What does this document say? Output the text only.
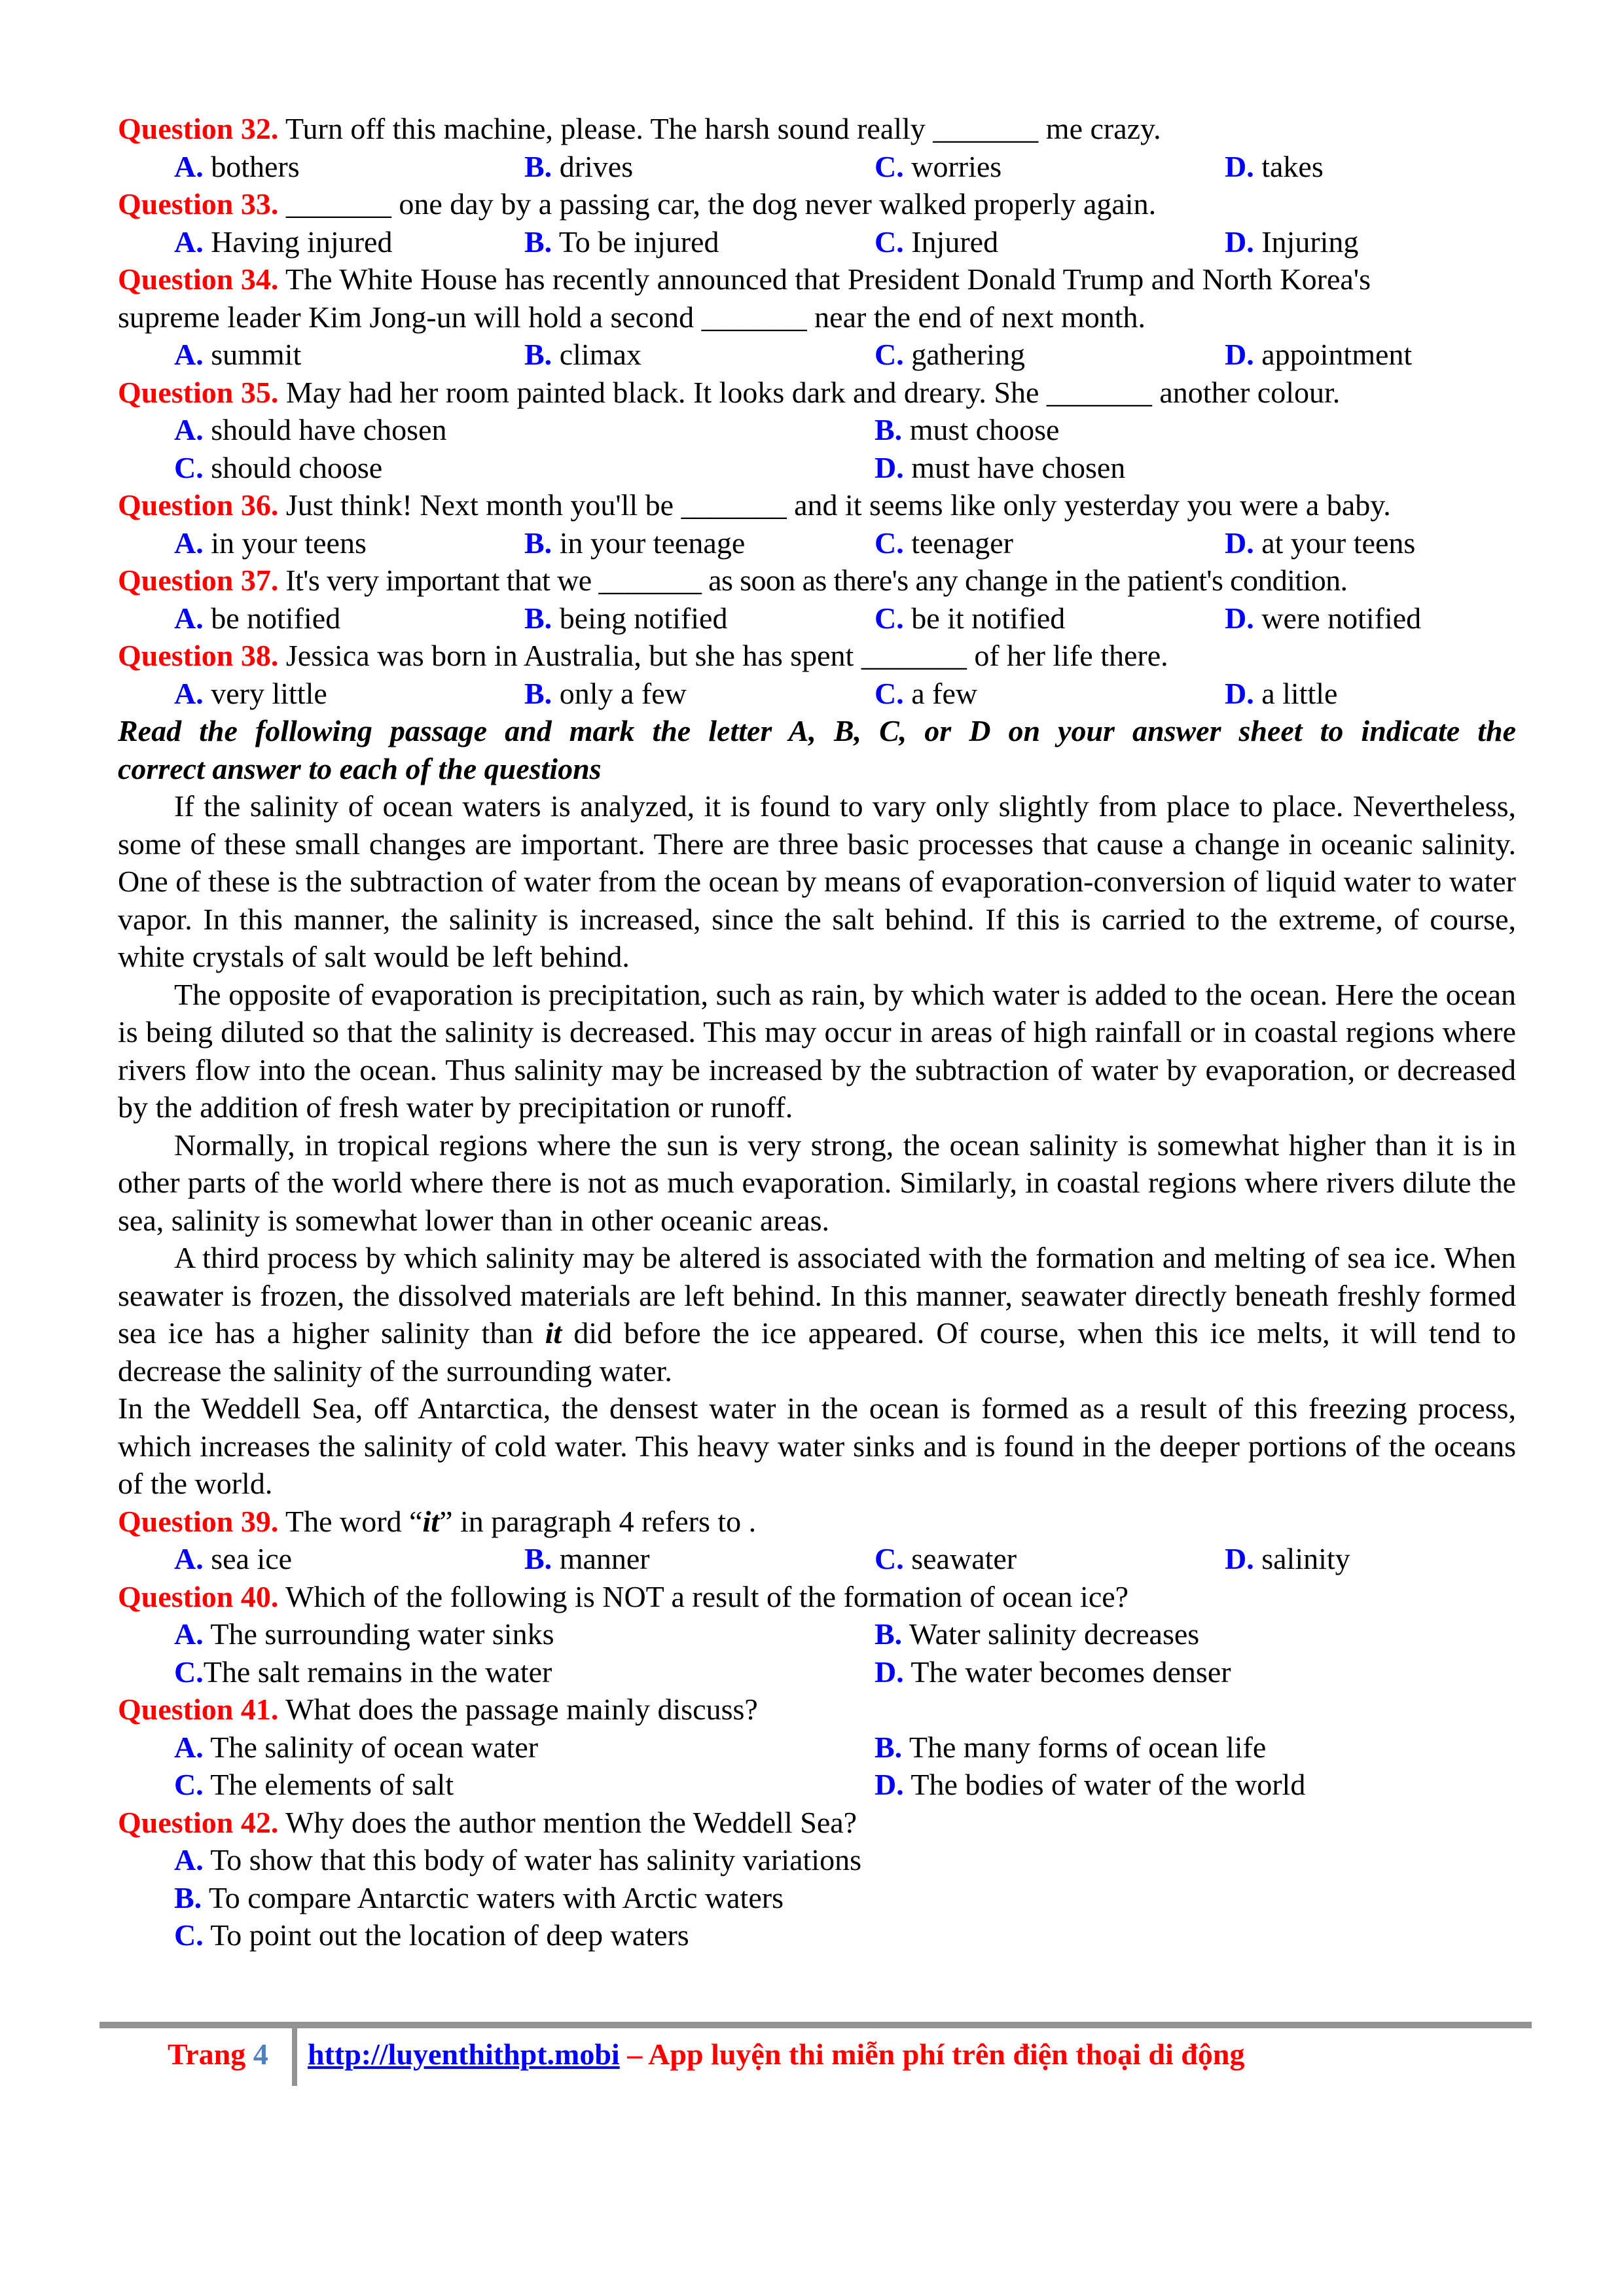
Question 32. Turn off this machine, please. The harsh sound really _______ me crazy.
A. bothers	B. drives	C. worries	D. takes
Question 33. _______ one day by a passing car, the dog never walked properly again.
A. Having injured	B. To be injured	C. Injured	D. Injuring
Question 34. The White House has recently announced that President Donald Trump and North Korea's
supreme leader Kim Jong-un will hold a second _______ near the end of next month.
A. summit	B. climax	C. gathering	D. appointment
Question 35. May had her room painted black. It looks dark and dreary. She _______ another colour.
A. should have chosen	B. must choose
C. should choose	D. must have chosen
Question 36. Just think! Next month you'll be _______ and it seems like only yesterday you were a baby.
A. in your teens	B. in your teenage	C. teenager	D. at your teens
Question 37. It's very important that we _______ as soon as there's any change in the patient's condition.
A. be notified	B. being notified	C. be it notified	D. were notified
Question 38. Jessica was born in Australia, but she has spent _______ of her life there.
A. very little	B. only a few	C. a few	D. a little
Read the following passage and mark the letter A, B, C, or D on your answer sheet to indicate the
correct answer to each of the questions

If the salinity of ocean waters is analyzed, it is found to vary only slightly from place to place. Nevertheless, some of these small changes are important. There are three basic processes that cause a change in oceanic salinity. One of these is the subtraction of water from the ocean by means of evaporation-conversion of liquid water to water vapor. In this manner, the salinity is increased, since the salt behind. If this is carried to the extreme, of course, white crystals of salt would be left behind.

The opposite of evaporation is precipitation, such as rain, by which water is added to the ocean. Here the ocean is being diluted so that the salinity is decreased. This may occur in areas of high rainfall or in coastal regions where rivers flow into the ocean. Thus salinity may be increased by the subtraction of water by evaporation, or decreased by the addition of fresh water by precipitation or runoff.

Normally, in tropical regions where the sun is very strong, the ocean salinity is somewhat higher than it is in other parts of the world where there is not as much evaporation. Similarly, in coastal regions where rivers dilute the sea, salinity is somewhat lower than in other oceanic areas.

A third process by which salinity may be altered is associated with the formation and melting of sea ice. When seawater is frozen, the dissolved materials are left behind. In this manner, seawater directly beneath freshly formed sea ice has a higher salinity than it did before the ice appeared. Of course, when this ice melts, it will tend to decrease the salinity of the surrounding water.

In the Weddell Sea, off Antarctica, the densest water in the ocean is formed as a result of this freezing process, which increases the salinity of cold water. This heavy water sinks and is found in the deeper portions of the oceans of the world.

Question 39. The word “it” in paragraph 4 refers to .
A. sea ice	B. manner	C. seawater	D. salinity
Question 40. Which of the following is NOT a result of the formation of ocean ice?
A. The surrounding water sinks	B. Water salinity decreases
C.The salt remains in the water	D. The water becomes denser
Question 41. What does the passage mainly discuss?
A. The salinity of ocean water	B. The many forms of ocean life
C. The elements of salt	D. The bodies of water of the world
Question 42. Why does the author mention the Weddell Sea?
A. To show that this body of water has salinity variations
B. To compare Antarctic waters with Arctic waters
C. To point out the location of deep waters
Trang 4 http://luyenthithpt.mobi – App luyện thi miễn phí trên điện thoại di động
